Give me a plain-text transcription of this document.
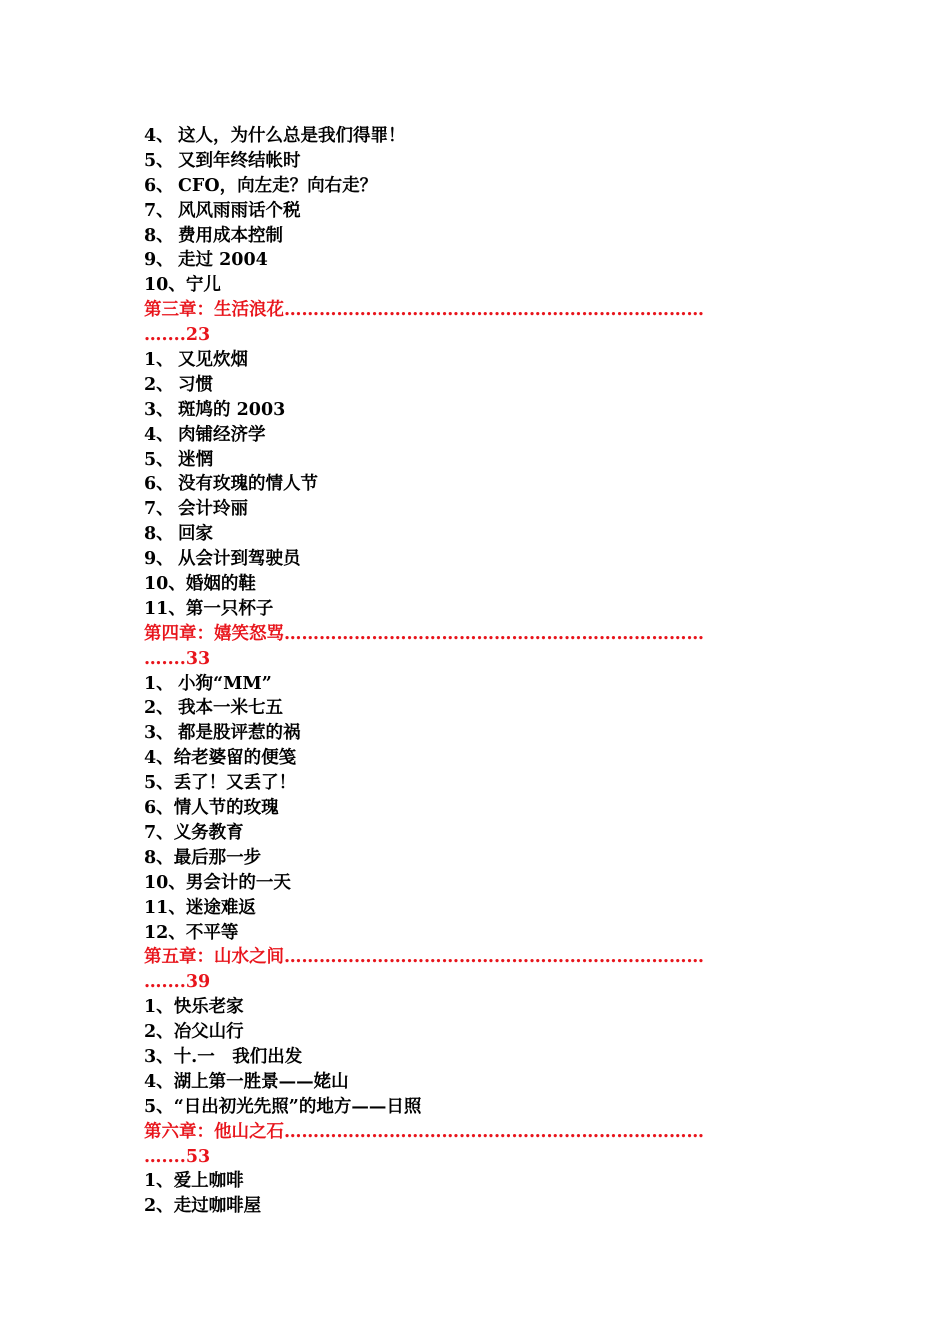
4、 这人，为什么总是我们得罪！
5、 又到年终结帐时
6、 CFO，向左走？向右走？
7、 风风雨雨话个税
8、 费用成本控制
9、 走过 2004
10、宁儿
第三章：生活浪花………………………………………………………………
…....23
1、 又见炊烟
2、 习惯
3、 斑鸠的 2003
4、 肉铺经济学
5、 迷惘
6、 没有玫瑰的情人节
7、 会计玲丽
8、 回家
9、 从会计到驾驶员
10、婚姻的鞋
11、第一只杯子
第四章：嬉笑怒骂………………………………………………………………
…....33
1、 小狗“MM”
2、 我本一米七五
3、 都是股评惹的祸
4、给老婆留的便笺
5、丢了！又丢了！
6、情人节的玫瑰
7、义务教育
8、最后那一步
10、男会计的一天
11、迷途难返
12、不平等
第五章：山水之间………………………………………………………………
…....39
1、快乐老家
2、冶父山行
3、十.一　我们出发
4、湖上第一胜景——姥山
5、“日出初光先照”的地方——日照
第六章：他山之石………………………………………………………………
…....53
1、爱上咖啡
2、走过咖啡屋
